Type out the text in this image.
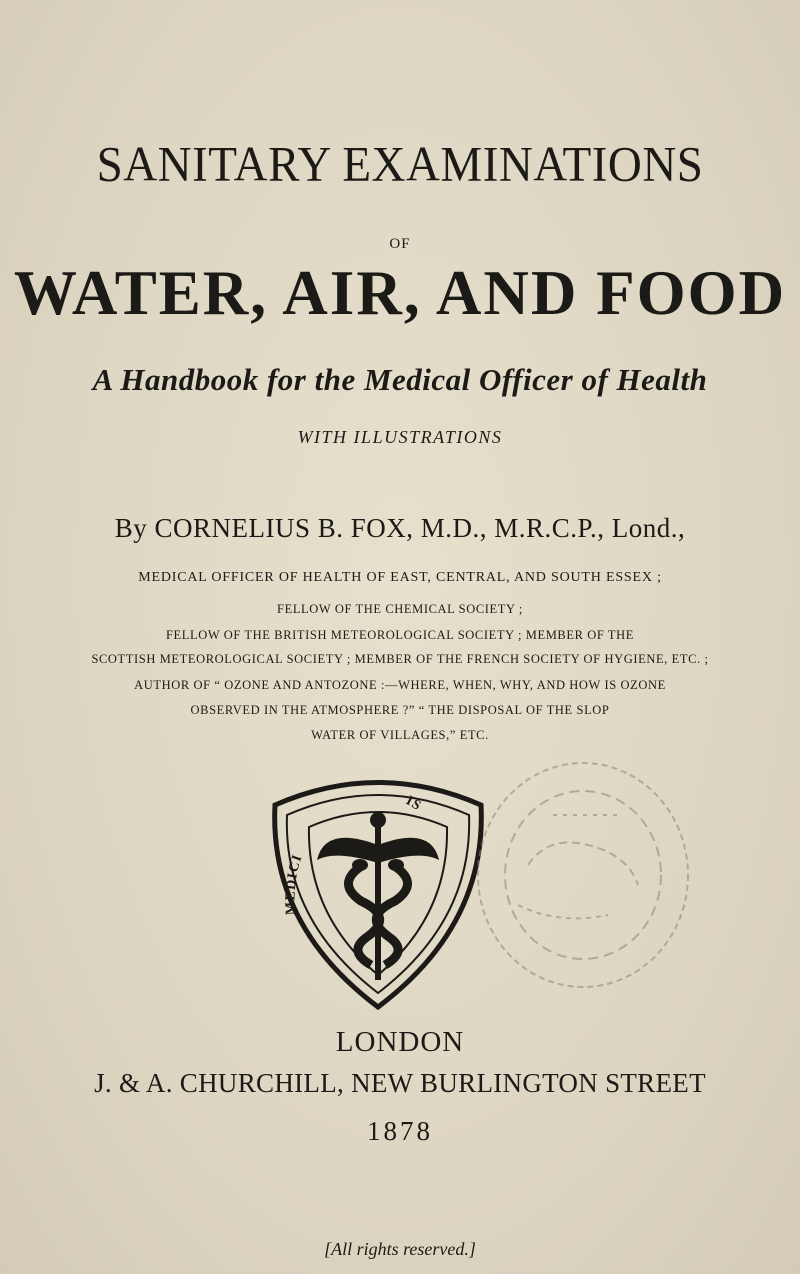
SANITARY EXAMINATIONS
OF
WATER, AIR, AND FOOD
A Handbook for the Medical Officer of Health
WITH ILLUSTRATIONS
By CORNELIUS B. FOX, M.D., M.R.C.P., Lond.,
MEDICAL OFFICER OF HEALTH OF EAST, CENTRAL, AND SOUTH ESSEX ;
FELLOW OF THE CHEMICAL SOCIETY ;
FELLOW OF THE BRITISH METEOROLOGICAL SOCIETY ; MEMBER OF THE
SCOTTISH METEOROLOGICAL SOCIETY ; MEMBER OF THE FRENCH SOCIETY OF HYGIENE, ETC. ;
AUTHOR OF “ OZONE AND ANTOZONE :—WHERE, WHEN, WHY, AND HOW IS OZONE
OBSERVED IN THE ATMOSPHERE ?” “ THE DISPOSAL OF THE SLOP
WATER OF VILLAGES,” ETC.
MEDICI
IS
LONDON
J. & A. CHURCHILL, NEW BURLINGTON STREET
1878
[All rights reserved.]
